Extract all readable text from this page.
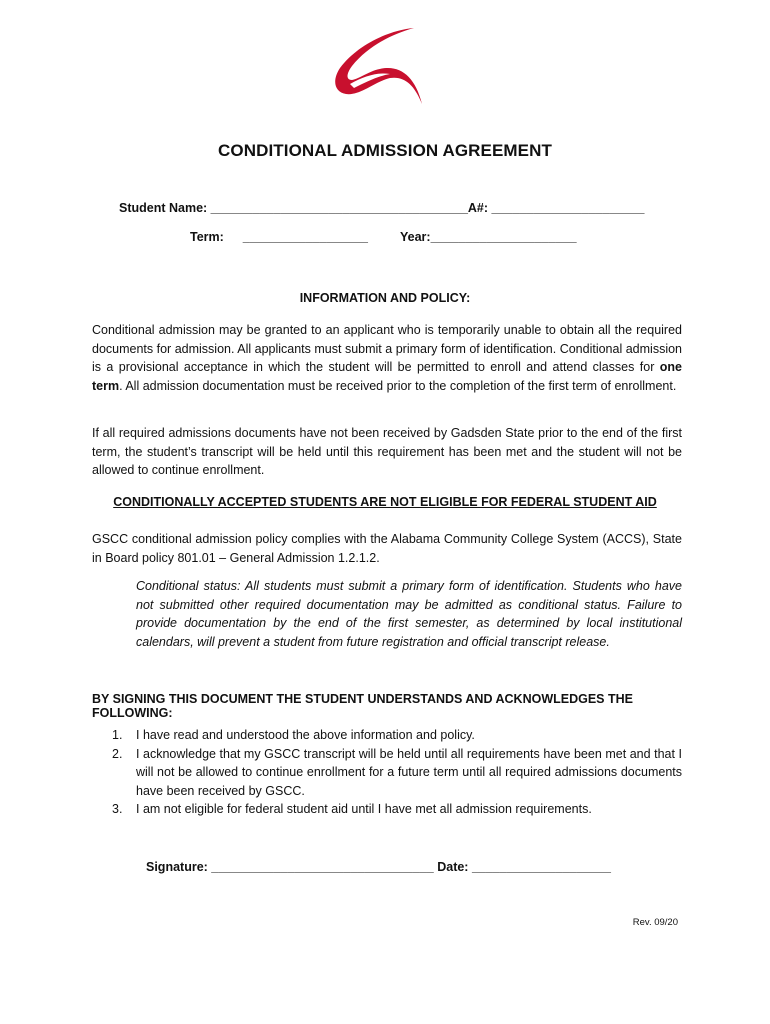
CONDITIONAL ADMISSION AGREEMENT
Student Name: _____________________________________A#: ______________________
Term: __________________	Year:_____________________
INFORMATION AND POLICY:
Conditional admission may be granted to an applicant who is temporarily unable to obtain all the required documents for admission. All applicants must submit a primary form of identification. Conditional admission is a provisional acceptance in which the student will be permitted to enroll and attend classes for one term. All admission documentation must be received prior to the completion of the first term of enrollment.
If all required admissions documents have not been received by Gadsden State prior to the end of the first term, the student’s transcript will be held until this requirement has been met and the student will not be allowed to continue enrollment.
CONDITIONALLY ACCEPTED STUDENTS ARE NOT ELIGIBLE FOR FEDERAL STUDENT AID
GSCC conditional admission policy complies with the Alabama Community College System (ACCS), State in Board policy 801.01 – General Admission 1.2.1.2.
Conditional status: All students must submit a primary form of identification. Students who have not submitted other required documentation may be admitted as conditional status. Failure to provide documentation by the end of the first semester, as determined by local institutional calendars, will prevent a student from future registration and official transcript release.
BY SIGNING THIS DOCUMENT THE STUDENT UNDERSTANDS AND ACKNOWLEDGES THE FOLLOWING:
1. I have read and understood the above information and policy.
2. I acknowledge that my GSCC transcript will be held until all requirements have been met and that I will not be allowed to continue enrollment for a future term until all required admissions documents have been received by GSCC.
3. I am not eligible for federal student aid until I have met all admission requirements.
Signature: ________________________________ Date: ____________________
Rev. 09/20
